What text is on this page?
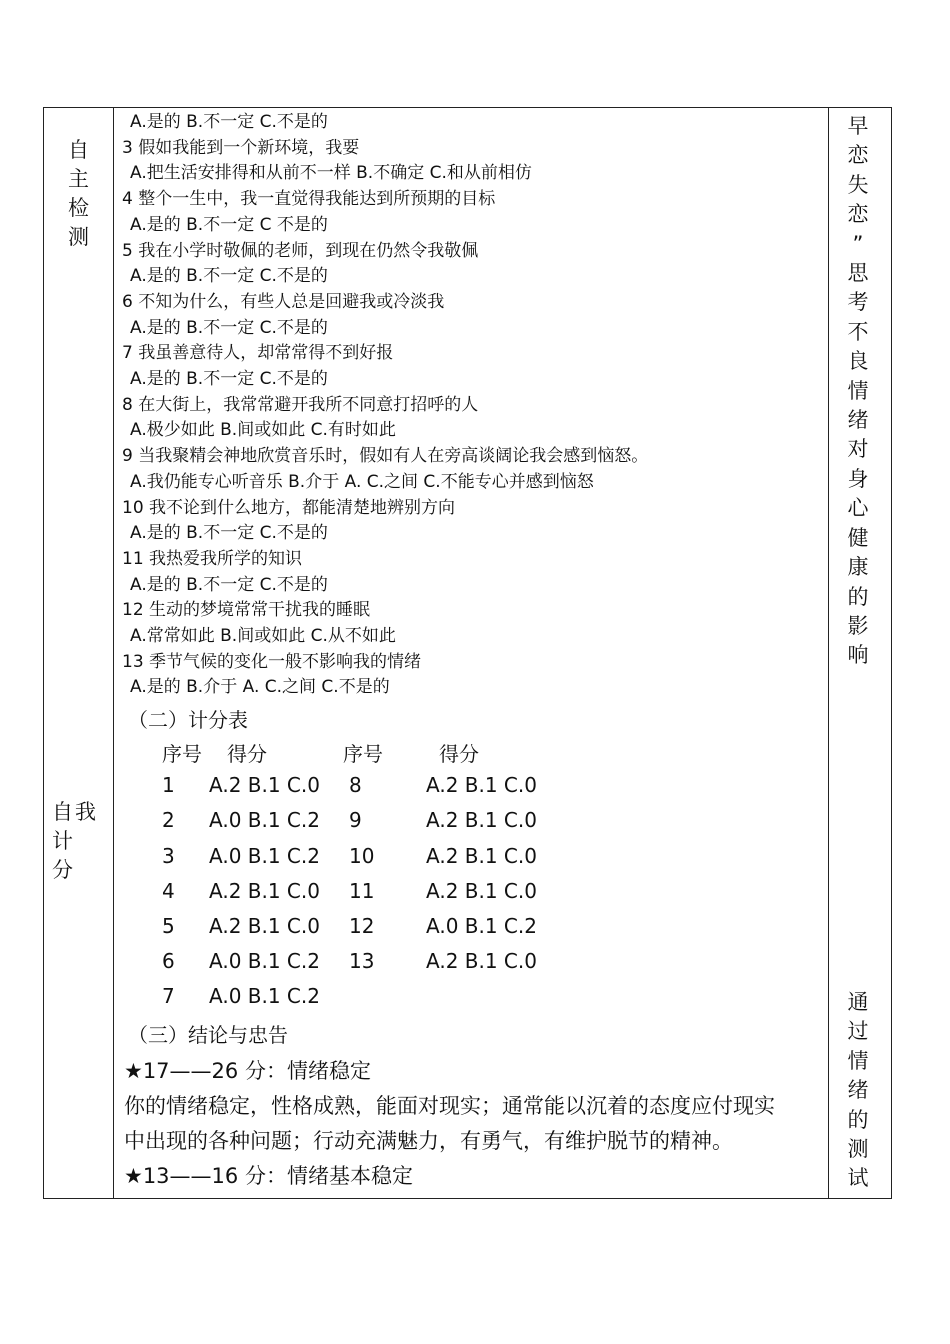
自
主
检
测
自我
计
分
A.是的 B.不一定 C.不是的
3 假如我能到一个新环境，我要
A.把生活安排得和从前不一样 B.不确定 C.和从前相仿
4 整个一生中，我一直觉得我能达到所预期的目标
A.是的 B.不一定 C 不是的
5 我在小学时敬佩的老师，到现在仍然令我敬佩
A.是的 B.不一定 C.不是的
6 不知为什么，有些人总是回避我或冷淡我
A.是的 B.不一定 C.不是的
7 我虽善意待人，却常常得不到好报
A.是的 B.不一定 C.不是的
8 在大街上，我常常避开我所不同意打招呼的人
A.极少如此 B.间或如此 C.有时如此
9 当我聚精会神地欣赏音乐时，假如有人在旁高谈阔论我会感到恼怒。
A.我仍能专心听音乐 B.介于 A. C.之间 C.不能专心并感到恼怒
10 我不论到什么地方，都能清楚地辨别方向
A.是的 B.不一定 C.不是的
11 我热爱我所学的知识
A.是的 B.不一定 C.不是的
12 生动的梦境常常干扰我的睡眠
A.常常如此 B.间或如此 C.从不如此
13 季节气候的变化一般不影响我的情绪
A.是的 B.介于 A. C.之间 C.不是的
（二）计分表
序号 得分	序号	得分
1 A.2 B.1 C.0 8	A.2 B.1 C.0
2 A.0 B.1 C.2 9	A.2 B.1 C.0
3 A.0 B.1 C.2 10	A.2 B.1 C.0
4 A.2 B.1 C.0 11	A.2 B.1 C.0
5 A.2 B.1 C.0 12	A.0 B.1 C.2
6 A.0 B.1 C.2 13	A.2 B.1 C.0
7 A.0 B.1 C.2
（三）结论与忠告
★17——26 分：情绪稳定
你的情绪稳定，性格成熟，能面对现实；通常能以沉着的态度应付现实
中出现的各种问题；行动充满魅力，有勇气，有维护脱节的精神。
★13——16 分：情绪基本稳定
早
恋
失
恋
”
思
考
不
良
情
绪
对
身
心
健
康
的
影
响
通
过
情
绪
的
测
试
